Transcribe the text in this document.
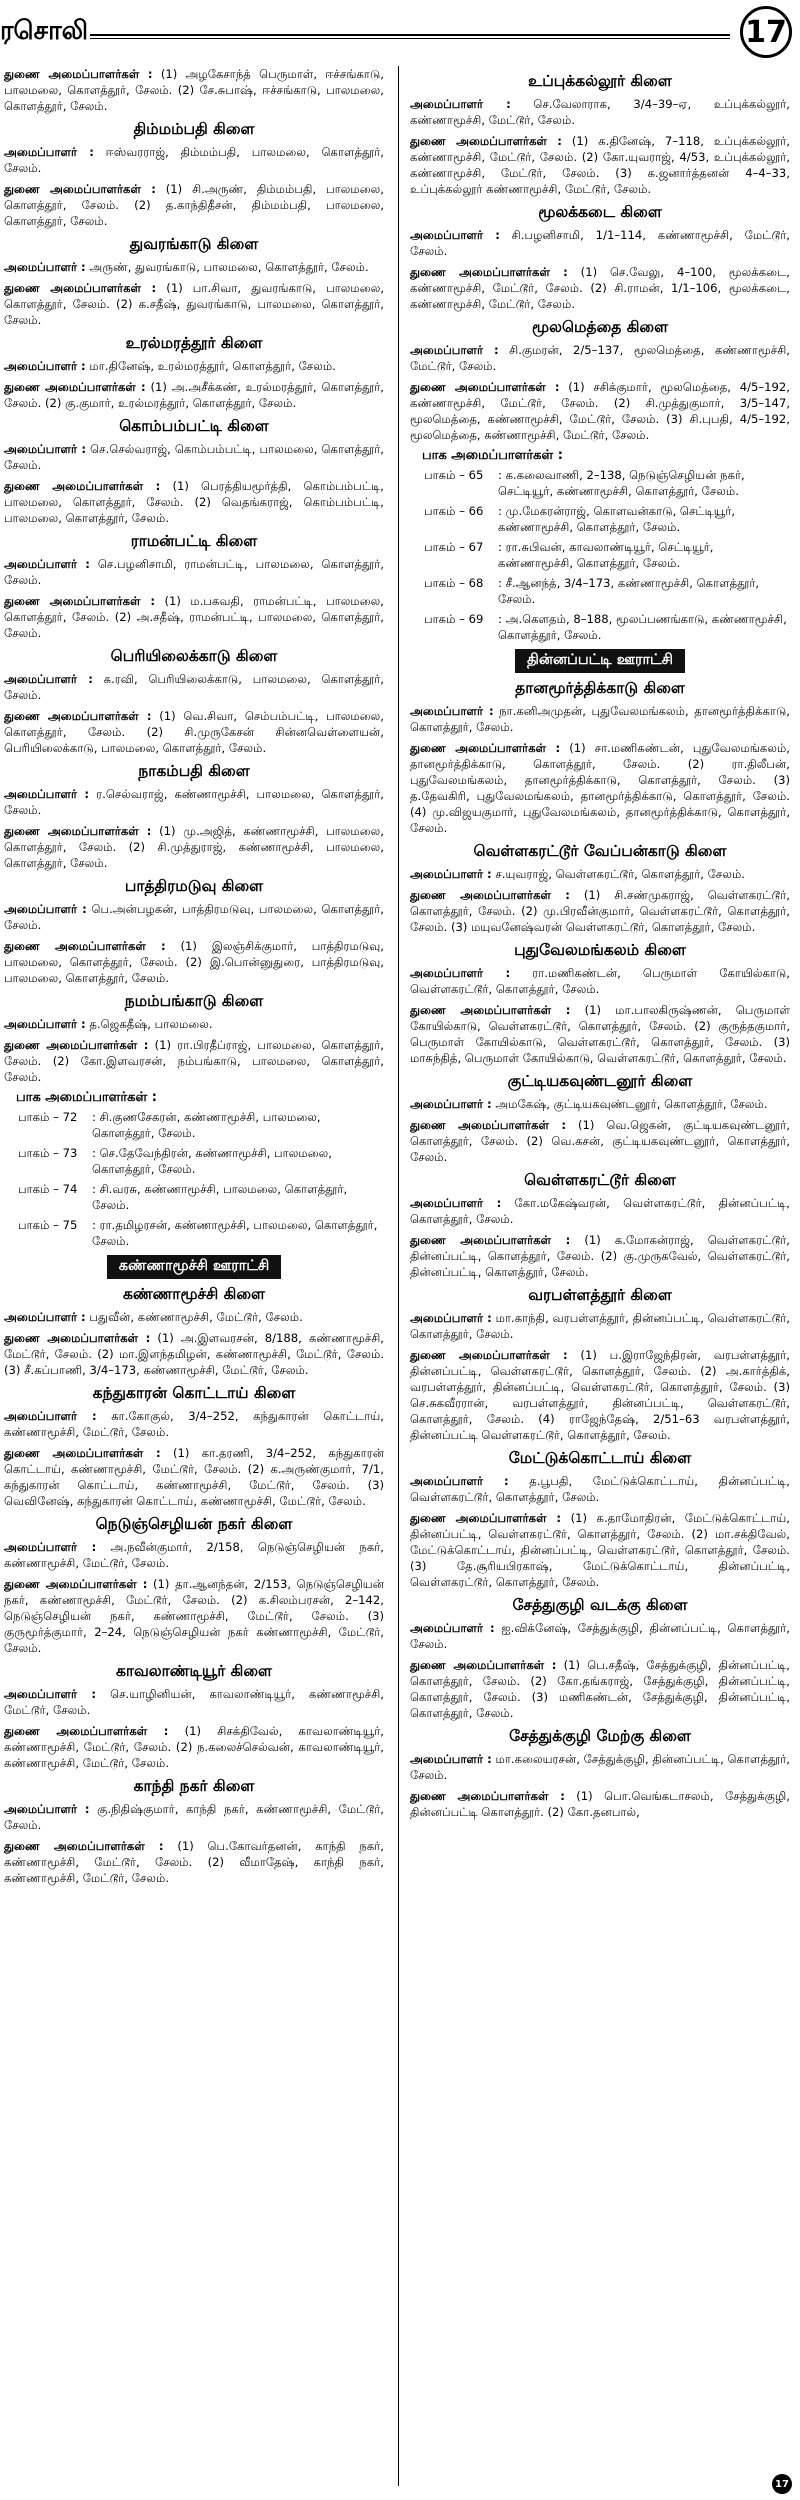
ரசொலி	17

துணை அமைப்பாளர்கள் : (1) அழகேசாந்த் பெருமாள், ஈச்சங்காடு, பாலமலை, கொளத்தூர், சேலம். (2) சே.சுபாஷ், ஈச்சங்காடு, பாலமலை, கொளத்தூர், சேலம்.

திம்மம்பதி கிளை

அமைப்பாளர் : ஈஸ்வரராஜ், திம்மம்பதி, பாலமலை, கொளத்தூர், சேலம்.

துணை அமைப்பாளர்கள் : (1) சி.அருண், திம்மம்பதி, பாலமலை, கொளத்தூர், சேலம். (2) த.காந்திதீசன், திம்மம்பதி, பாலமலை, கொளத்தூர், சேலம்.

துவரங்காடு கிளை

அமைப்பாளர் : அருண், துவரங்காடு, பாலமலை, கொளத்தூர், சேலம்.

துணை அமைப்பாளர்கள் : (1) பா.சிவா, துவரங்காடு, பாலமலை, கொளத்தூர், சேலம். (2) க.சதீஷ், துவரங்காடு, பாலமலை, கொளத்தூர், சேலம்.

உரல்மரத்தூர் கிளை

அமைப்பாளர் : மா.தினேஷ், உரல்மரத்தூர், கொளத்தூர், சேலம்.

துணை அமைப்பாளர்கள் : (1) அ.அசீக்கண், உரல்மரத்தூர், கொளத்தூர், சேலம். (2) கு.குமார், உரல்மரத்தூர், கொளத்தூர், சேலம்.

கொம்பம்பட்டி கிளை

அமைப்பாளர் : செ.செல்வராஜ், கொம்பம்பட்டி, பாலமலை, கொளத்தூர், சேலம்.

துணை அமைப்பாளர்கள் : (1) பெரத்தியமூர்த்தி, கொம்பம்பட்டி, பாலமலை, கொளத்தூர், சேலம். (2) வெதங்கராஜ், கொம்பம்பட்டி, பாலமலை, கொளத்தூர், சேலம்.

ராமன்பட்டி கிளை

அமைப்பாளர் : செ.பழனிசாமி, ராமன்பட்டி, பாலமலை, கொளத்தூர், சேலம்.

துணை அமைப்பாளர்கள் : (1) ம.பகவதி, ராமன்பட்டி, பாலமலை, கொளத்தூர், சேலம். (2) அ.சதீஷ், ராமன்பட்டி, பாலமலை, கொளத்தூர், சேலம்.

பெரியிலைக்காடு கிளை

அமைப்பாளர் : க.ரவி, பெரியிலைக்காடு, பாலமலை, கொளத்தூர், சேலம்.

துணை அமைப்பாளர்கள் : (1) வெ.சிவா, செம்பம்பட்டி, பாலமலை, கொளத்தூர், சேலம். (2) சி.முருகேசன் சின்னவெள்ளையன், பெரியிலைக்காடு, பாலமலை, கொளத்தூர், சேலம்.

நாகம்பதி கிளை

அமைப்பாளர் : ர.செல்வராஜ், கண்ணாமூச்சி, பாலமலை, கொளத்தூர், சேலம்.

துணை அமைப்பாளர்கள் : (1) மு.அஜித், கண்ணாமூச்சி, பாலமலை, கொளத்தூர், சேலம். (2) சி.முத்துராஜ், கண்ணாமூச்சி, பாலமலை, கொளத்தூர், சேலம்.

பாத்திரமடுவு கிளை

அமைப்பாளர் : பெ.அன்பழகன், பாத்திரமடுவு, பாலமலை, கொளத்தூர், சேலம்.

துணை அமைப்பாளர்கள் : (1) இலஞ்சிக்குமார், பாத்திரமடுவு, பாலமலை, கொளத்தூர், சேலம். (2) இ.பொன்னுதுரை, பாத்திரமடுவு, பாலமலை, கொளத்தூர், சேலம்.

நமம்பங்காடு கிளை

அமைப்பாளர் : த.ஜெகதீஷ், பாலமலை.

துணை அமைப்பாளர்கள் : (1) ரா.பிரதீப்ராஜ், பாலமலை, கொளத்தூர், சேலம். (2) கோ.இளவரசன், நம்பங்காடு, பாலமலை, கொளத்தூர், சேலம்.

பாக அமைப்பாளர்கள் :
பாகம் – 72	: சி.குணசேகரன், கண்ணாமூச்சி, பாலமலை, கொளத்தூர், சேலம்.
பாகம் – 73	: செ.தேவேந்திரன், கண்ணாமூச்சி, பாலமலை, கொளத்தூர், சேலம்.
பாகம் – 74	: சி.வரசு, கண்ணாமூச்சி, பாலமலை, கொளத்தூர், சேலம்.
பாகம் – 75	: ரா.தமிழரசன், கண்ணாமூச்சி, பாலமலை, கொளத்தூர், சேலம்.
கண்ணாமூச்சி ஊராட்சி
கண்ணாமூச்சி கிளை

அமைப்பாளர் : பதுவீன், கண்ணாமூச்சி, மேட்டூர், சேலம்.

துணை அமைப்பாளர்கள் : (1) அ.இளவரசன், 8/188, கண்ணாமூச்சி, மேட்டூர், சேலம். (2) மா.இளந்தமிழன், கண்ணாமூச்சி, மேட்டூர், சேலம். (3) சீ.கப்பாணி, 3/4–173, கண்ணாமூச்சி, மேட்டூர், சேலம்.

கந்துகாரன் கொட்டாய் கிளை

அமைப்பாளர் : கா.கோகுல், 3/4–252, கந்துகாரன் கொட்டாய், கண்ணாமூச்சி, மேட்டூர், சேலம்.

துணை அமைப்பாளர்கள் : (1) கா.தரணி, 3/4–252, கந்துகாரன் கொட்டாய், கண்ணாமூச்சி, மேட்டூர், சேலம். (2) க.அருண்குமார், 7/1, கந்துகாரன் கொட்டாய், கண்ணாமூச்சி, மேட்டூர், சேலம். (3) வெவினேஷ், கந்துகாரன் கொட்டாய், கண்ணாமூச்சி, மேட்டூர், சேலம்.

நெடுஞ்செழியன் நகர் கிளை

அமைப்பாளர் : அ.நவீன்குமார், 2/158, நெடுஞ்செழியன் நகர், கண்ணாமூச்சி, மேட்டூர், சேலம்.

துணை அமைப்பாளர்கள் : (1) தா.ஆனந்தன், 2/153, நெடுஞ்செழியன் நகர், கண்ணாமூச்சி, மேட்டூர், சேலம். (2) க.சிலம்பரசன், 2–142, நெடுஞ்செழியன் நகர், கண்ணாமூச்சி, மேட்டூர், சேலம். (3) குருமூர்த்குமார், 2–24, நெடுஞ்செழியன் நகர் கண்ணாமூச்சி, மேட்டூர், சேலம்.

காவலாண்டியூர் கிளை

அமைப்பாளர் : செ.யாழினியன், காவலாண்டியூர், கண்ணாமூச்சி, மேட்டூர், சேலம்.

துணை அமைப்பாளர்கள் : (1) சிசக்திவேல், காவலாண்டியூர், கண்ணாமூச்சி, மேட்டூர், சேலம். (2) ந.கலைச்செல்வன், காவலாண்டியூர், கண்ணாமூச்சி, மேட்டூர், சேலம்.

காந்தி நகர் கிளை

அமைப்பாளர் : கு.நிதிஷ்குமார், காந்தி நகர், கண்ணாமூச்சி, மேட்டூர், சேலம்.

துணை அமைப்பாளர்கள் : (1) பெ.கோவர்தனன், காந்தி நகர், கண்ணாமூச்சி, மேட்டூர், சேலம். (2) வீமாதேஷ், காந்தி நகர், கண்ணாமூச்சி, மேட்டூர், சேலம்.

உப்புக்கல்லூர் கிளை

அமைப்பாளர் : செ.வேலாராக, 3/4–39–ஏ, உப்புக்கல்லூர், கண்ணாமூச்சி, மேட்டூர், சேலம்.

துணை அமைப்பாளர்கள் : (1) க.தினேஷ், 7–118, உப்புக்கல்லூர், கண்ணாமூச்சி, மேட்டூர், சேலம். (2) கோ.யுவராஜ், 4/53, உப்புக்கல்லூர், கண்ணாமூச்சி, மேட்டூர், சேலம். (3) க.ஜனார்த்தனன் 4–4–33, உப்புக்கல்லூர் கண்ணாமூச்சி, மேட்டூர், சேலம்.

மூலக்கடை கிளை

அமைப்பாளர் : சி.பழனிசாமி, 1/1–114, கண்ணாமூச்சி, மேட்டூர், சேலம்.

துணை அமைப்பாளர்கள் : (1) செ.வேலு, 4–100, மூலக்கடை, கண்ணாமூச்சி, மேட்டூர், சேலம். (2) சி.ராமன், 1/1–106, மூலக்கடை, கண்ணாமூச்சி, மேட்டூர், சேலம்.

மூலமெத்தை கிளை

அமைப்பாளர் : சி.குமரன், 2/5–137, மூலமெத்தை, கண்ணாமூச்சி, மேட்டூர், சேலம்.

துணை அமைப்பாளர்கள் : (1) சசிக்குமார், மூலமெத்தை, 4/5–192, கண்ணாமூச்சி, மேட்டூர், சேலம். (2) சி.முத்துகுமார், 3/5–147, மூலமெத்தை, கண்ணாமூச்சி, மேட்டூர், சேலம். (3) சி.புபதி, 4/5–192, மூலமெத்தை, கண்ணாமூச்சி, மேட்டூர், சேலம்.

பாக அமைப்பாளர்கள் :
பாகம் – 65	: க.கலைவாணி, 2–138, நெடுஞ்செழியன் நகர், செட்டியூர், கண்ணாமூச்சி, கொளத்தூர், சேலம்.
பாகம் – 66	: மு.மேகரன்ராஜ், கொளவன்காடு, செட்டியூர், கண்ணாமூச்சி, கொளத்தூர், சேலம்.
பாகம் – 67	: ரா.சுபிவன், காவலாண்டியூர், செட்டியூர், கண்ணாமூச்சி, கொளத்தூர், சேலம்.
பாகம் – 68	: சீ.ஆனந்த், 3/4–173, கண்ணாமூச்சி, கொளத்தூர், சேலம்.
பாகம் – 69	: அ.கௌதம், 8–188, மூலப்பணங்காடு, கண்ணாமூச்சி, கொளத்தூர், சேலம்.
தின்னப்பட்டி ஊராட்சி
தானமூர்த்திக்காடு கிளை

அமைப்பாளர் : நா.கனிஅமுதன், புதுவேலமங்கலம், தானமூர்த்திக்காடு, கொளத்தூர், சேலம்.

துணை அமைப்பாளர்கள் : (1) சா.மணிகண்டன், புதுவேலமங்கலம், தானமூர்த்திக்காடு, கொளத்தூர், சேலம். (2) ரா.திலீபன், புதுவேலமங்கலம், தானமூர்த்திக்காடு, கொளத்தூர், சேலம். (3) த.தேவகிரி, புதுவேலமங்கலம், தானமூர்த்திக்காடு, கொளத்தூர், சேலம். (4) மு.விஜயகுமார், புதுவேலமங்கலம், தானமூர்த்திக்காடு, கொளத்தூர், சேலம்.

வெள்ளகரட்டூர் வேப்பன்காடு கிளை

அமைப்பாளர் : ச.யுவராஜ், வெள்ளகரட்டூர், கொளத்தூர், சேலம்.

துணை அமைப்பாளர்கள் : (1) சி.சண்முகராஜ், வெள்ளகரட்டூர், கொளத்தூர், சேலம். (2) மு.பிரவீன்குமார், வெள்ளகரட்டூர், கொளத்தூர், சேலம். (3) மயுவனேஷ்வரன் வெள்ளகரட்டூர், கொளத்தூர், சேலம்.

புதுவேலமங்கலம் கிளை

அமைப்பாளர் : ரா.மணிகண்டன், பெருமாள் கோயில்காடு, வெள்ளகரட்டூர், கொளத்தூர், சேலம்.

துணை அமைப்பாளர்கள் : (1) மா.பாலகிருஷ்ணன், பெருமாள் கோயில்காடு, வெள்ளகரட்டூர், கொளத்தூர், சேலம். (2) குருத்தகுமார், பெருமாள் கோயில்காடு, வெள்ளகரட்டூர், கொளத்தூர், சேலம். (3) மாசுந்தித், பெருமாள் கோயில்காடு, வெள்ளகரட்டூர், கொளத்தூர், சேலம்.

குட்டியகவுண்டனூர் கிளை

அமைப்பாளர் : அமகேஷ், குட்டியகவுண்டனூர், கொளத்தூர், சேலம்.

துணை அமைப்பாளர்கள் : (1) வெ.ஜெகன், குட்டியகவுண்டனூர், கொளத்தூர், சேலம். (2) வெ.கசன், குட்டியகவுண்டனூர், கொளத்தூர், சேலம்.

வெள்ளகரட்டூர் கிளை

அமைப்பாளர் : கோ.மகேஷ்வரன், வெள்ளகரட்டூர், தின்னப்பட்டி, கொளத்தூர், சேலம்.

துணை அமைப்பாளர்கள் : (1) க.மோகன்ராஜ், வெள்ளகரட்டூர், தின்னப்பட்டி, கொளத்தூர், சேலம். (2) கு.முருகவேல், வெள்ளகரட்டூர், தின்னப்பட்டி, கொளத்தூர், சேலம்.

வரபள்ளத்தூர் கிளை

அமைப்பாளர் : மா.காந்தி, வரபள்ளத்தூர், தின்னப்பட்டி, வெள்ளகரட்டூர், கொளத்தூர், சேலம்.

துணை அமைப்பாளர்கள் : (1) ப.இராஜேந்திரன், வரபள்ளத்தூர், தின்னப்பட்டி, வெள்ளகரட்டூர், கொளத்தூர், சேலம். (2) அ.கார்த்திக், வரபள்ளத்தூர், தின்னப்பட்டி, வெள்ளகரட்டூர், கொளத்தூர், சேலம். (3) செ.சுகவீரரான், வரபள்ளத்தூர், தின்னப்பட்டி, வெள்ளகரட்டூர், கொளத்தூர், சேலம். (4) ராஜேந்தேஷ், 2/51–63 வரபள்ளத்தூர், தின்னப்பட்டி வெள்ளகரட்டூர், கொளத்தூர், சேலம்.

மேட்டுக்கொட்டாய் கிளை

அமைப்பாளர் : த.பூபதி, மேட்டுக்கொட்டாய், தின்னப்பட்டி, வெள்ளகரட்டூர், கொளத்தூர், சேலம்.

துணை அமைப்பாளர்கள் : (1) க.தாமோதிரன், மேட்டுக்கொட்டாய், தின்னப்பட்டி, வெள்ளகரட்டூர், கொளத்தூர், சேலம். (2) மா.சக்திவேல், மேட்டுக்கொட்டாய், தின்னப்பட்டி, வெள்ளகரட்டூர், கொளத்தூர், சேலம். (3) தே.சூரியபிரகாஷ், மேட்டுக்கொட்டாய், தின்னப்பட்டி, வெள்ளகரட்டூர், கொளத்தூர், சேலம்.

சேத்துகுழி வடக்கு கிளை

அமைப்பாளர் : ஐ.விக்னேஷ், சேத்துக்குழி, தின்னப்பட்டி, கொளத்தூர், சேலம்.

துணை அமைப்பாளர்கள் : (1) பெ.சதீஷ், சேத்துக்குழி, தின்னப்பட்டி, கொளத்தூர், சேலம். (2) கோ.தங்கராஜ், சேத்துக்குழி, தின்னப்பட்டி, கொளத்தூர், சேலம். (3) மணிகண்டன், சேத்துக்குழி, தின்னப்பட்டி, கொளத்தூர், சேலம்.

சேத்துக்குழி மேற்கு கிளை

அமைப்பாளர் : மா.கலையரசன், சேத்துக்குழி, தின்னப்பட்டி, கொளத்தூர், சேலம்.

துணை அமைப்பாளர்கள் : (1) பொ.வெங்கடாசலம், சேத்துக்குழி, தின்னப்பட்டி கொளத்தூர். (2) கோ.தனபால்,

17
